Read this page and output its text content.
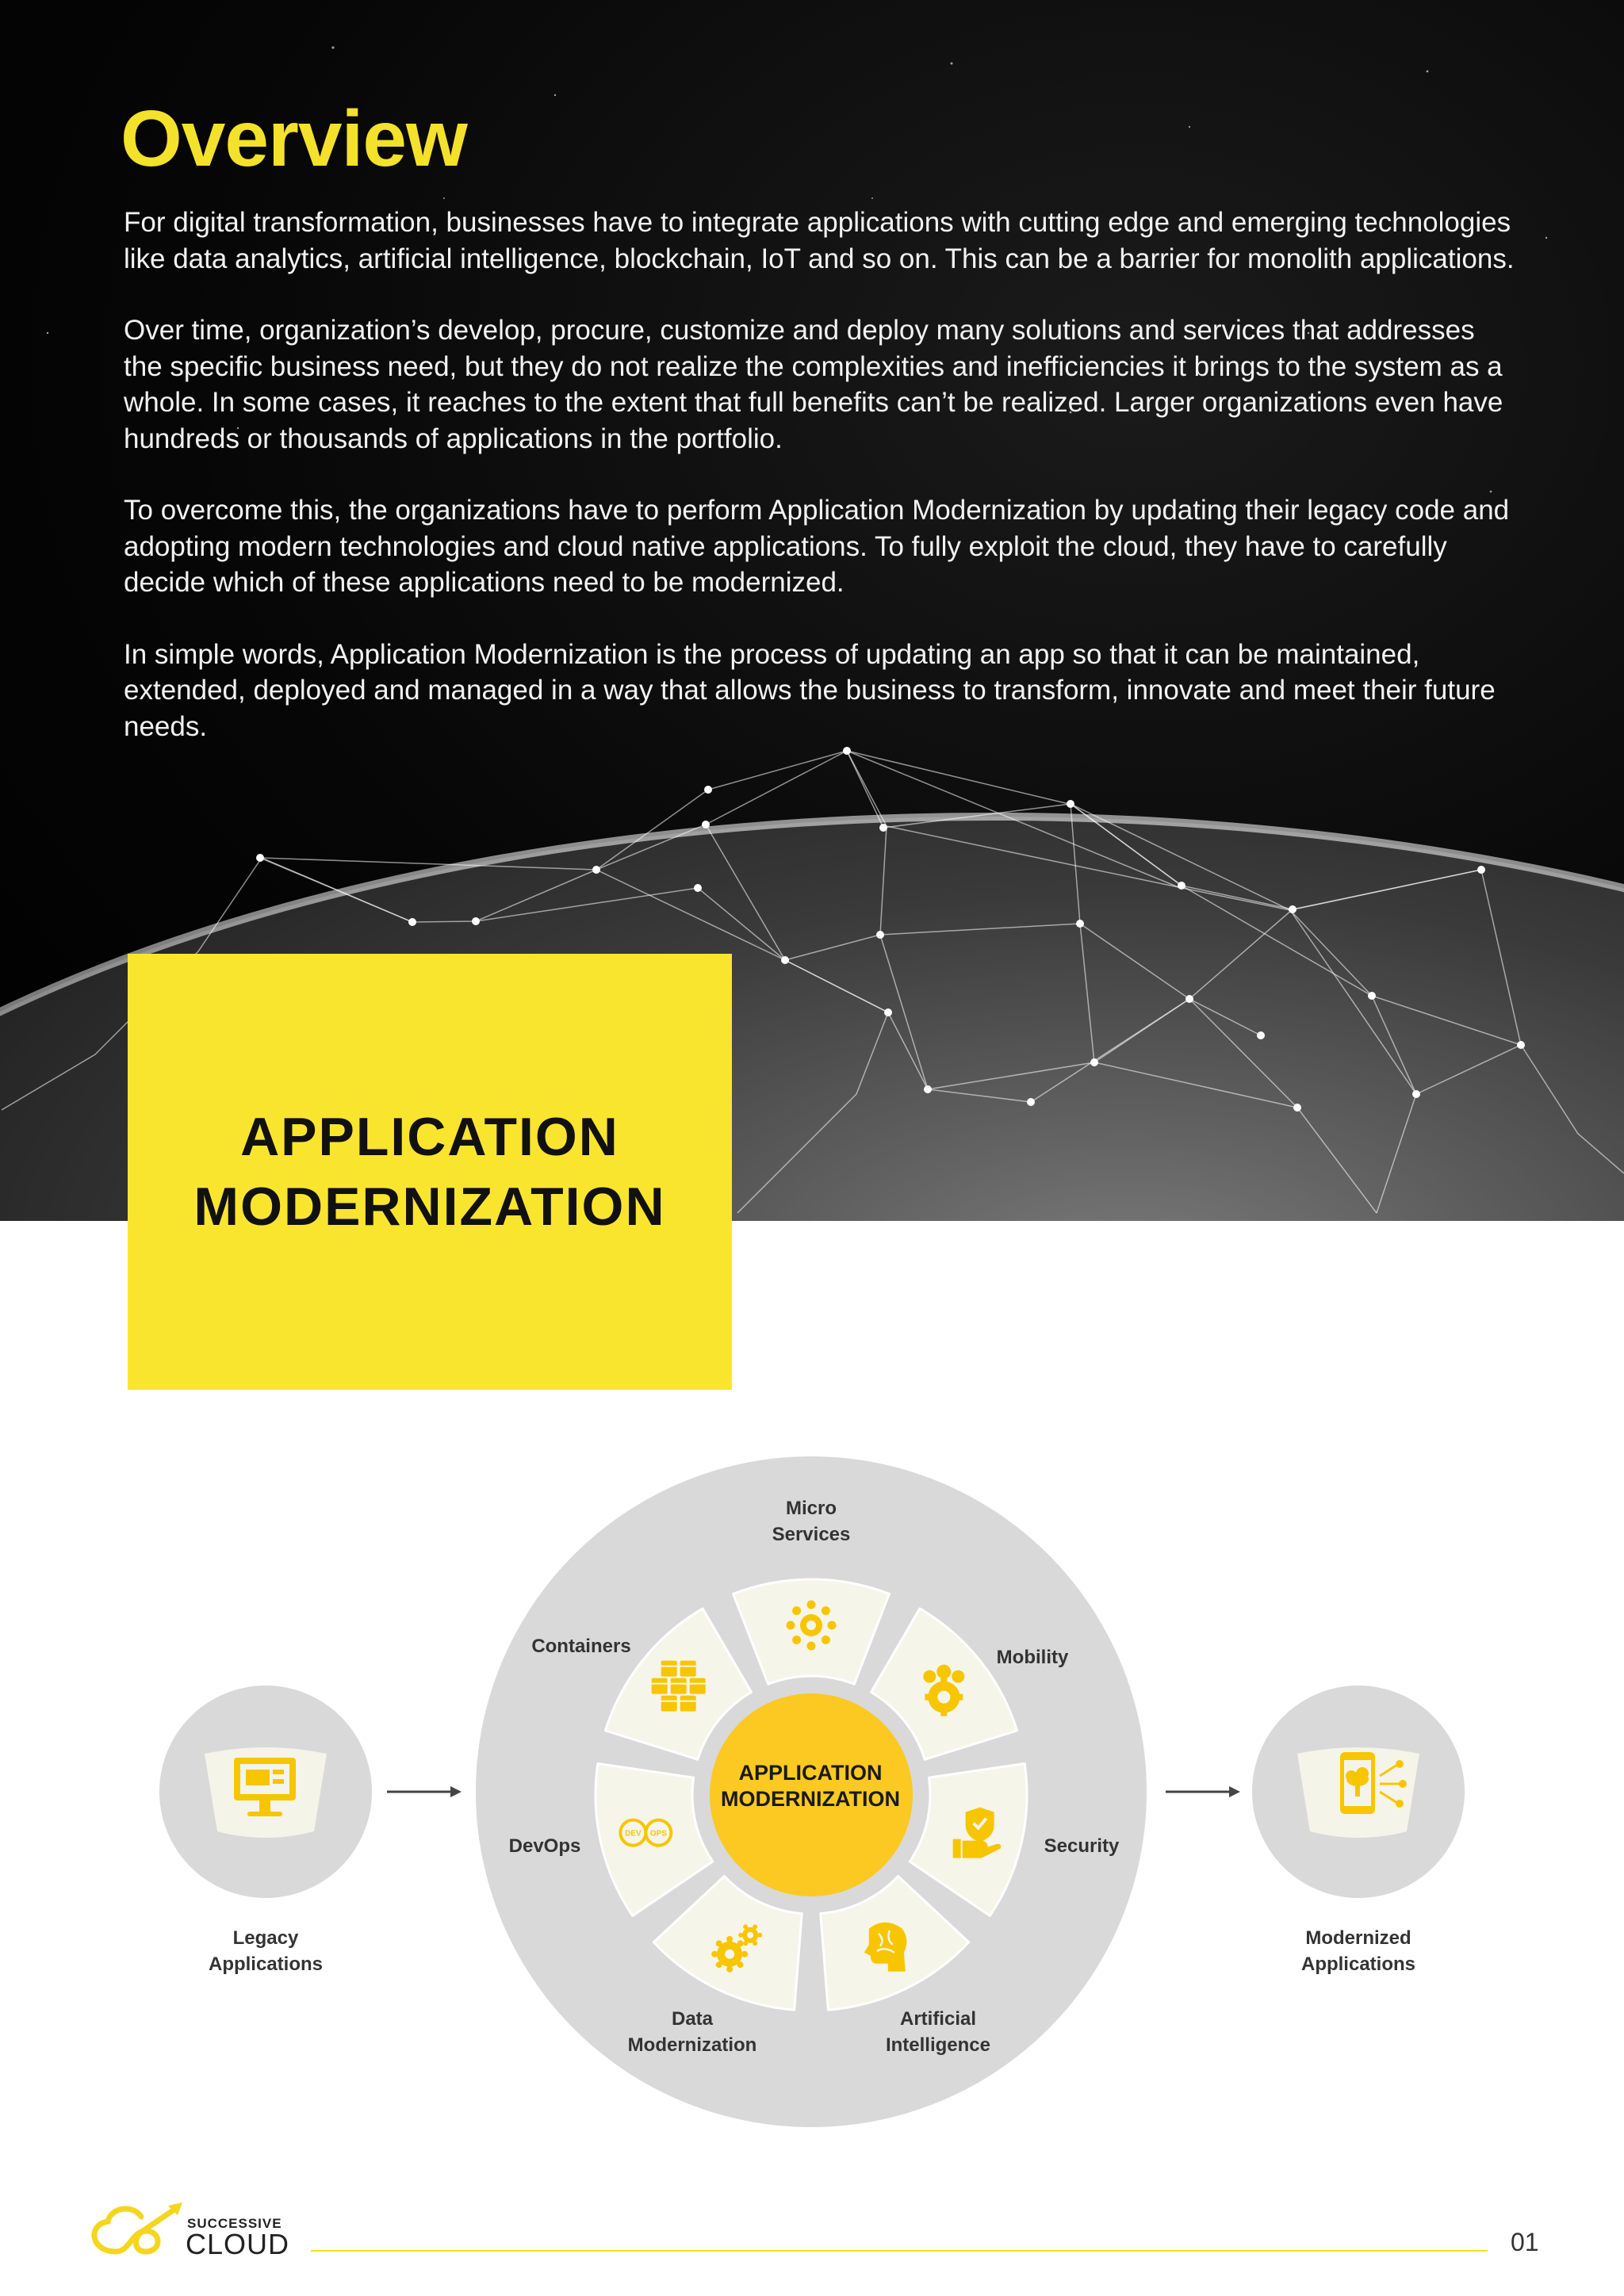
Overview

For digital transformation, businesses have to integrate applications with cutting edge and emerging technologies like data analytics, artificial intelligence, blockchain, IoT and so on. This can be a barrier for monolith applications.

Over time, organization’s develop, procure, customize and deploy many solutions and services that addresses the specific business need, but they do not realize the complexities and inefficiencies it brings to the system as a whole. In some cases, it reaches to the extent that full benefits can’t be realized. Larger organizations even have hundreds or thousands of applications in the portfolio.

To overcome this, the organizations have to perform Application Modernization by updating their legacy code and adopting modern technologies and cloud native applications. To fully exploit the cloud, they have to carefully decide which of these applications need to be modernized.

In simple words, Application Modernization is the process of updating an app so that it can be maintained, extended, deployed and managed in a way that allows the business to transform, innovate and meet their future needs.

APPLICATION
MODERNIZATION
DEV OPS
APPLICATION
MODERNIZATION
Legacy
Applications
Modernized
Applications
Micro
Services
Mobility
Security
Artificial
Intelligence
Data
Modernization
DevOps
Containers
SUCCESSIVE
CLOUD	01
